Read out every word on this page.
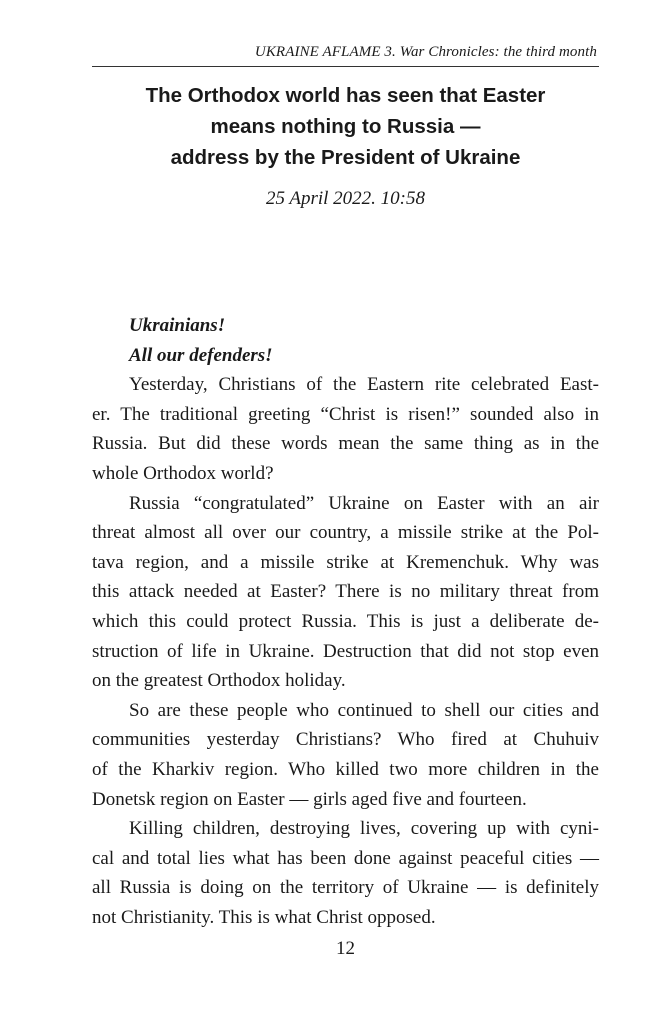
UKRAINE AFLAME 3. War Chronicles: the third month
The Orthodox world has seen that Easter
means nothing to Russia —
address by the President of Ukraine
25 April 2022. 10:58
Ukrainians!
All our defenders!
Yesterday, Christians of the Eastern rite celebrated East-
er. The traditional greeting “Christ is risen!” sounded also in
Russia. But did these words mean the same thing as in the
whole Orthodox world?
Russia “congratulated” Ukraine on Easter with an air
threat almost all over our country, a missile strike at the Pol-
tava region, and a missile strike at Kremenchuk. Why was
this attack needed at Easter? There is no military threat from
which this could protect Russia. This is just a deliberate de-
struction of life in Ukraine. Destruction that did not stop even
on the greatest Orthodox holiday.
So are these people who continued to shell our cities and
communities yesterday Christians? Who fired at Chuhuiv
of the Kharkiv region. Who killed two more children in the
Donetsk region on Easter — girls aged five and fourteen.
Killing children, destroying lives, covering up with cyni-
cal and total lies what has been done against peaceful cities —
all Russia is doing on the territory of Ukraine — is definitely
not Christianity. This is what Christ opposed.
12
